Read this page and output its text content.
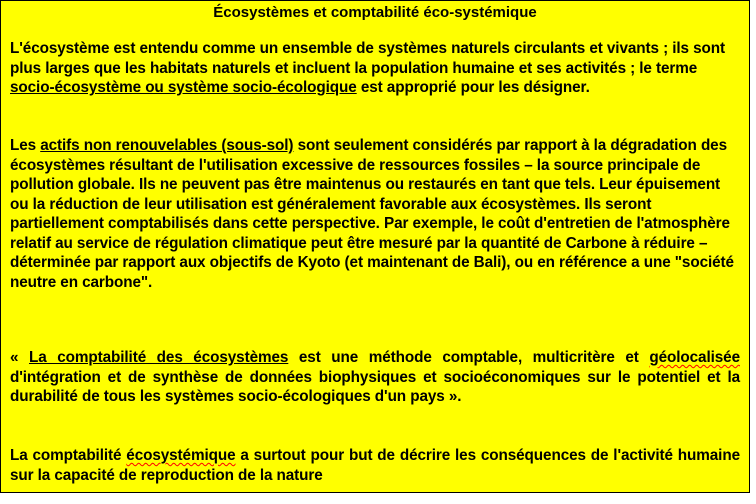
Écosystèmes et comptabilité éco-systémique
L'écosystème est entendu comme un ensemble de systèmes naturels circulants et vivants ; ils sont plus larges que les habitats naturels et incluent la population humaine et ses activités ; le terme socio-écosystème ou système socio-écologique est approprié pour les désigner.
Les actifs non renouvelables (sous-sol) sont seulement considérés par rapport à la dégradation des écosystèmes résultant de l'utilisation excessive de ressources fossiles – la source principale de pollution globale. Ils ne peuvent pas être maintenus ou restaurés en tant que tels. Leur épuisement ou la réduction de leur utilisation est généralement favorable aux écosystèmes. Ils seront partiellement comptabilisés dans cette perspective. Par exemple, le coût d'entretien de l'atmosphère relatif au service de régulation climatique peut être mesuré par la quantité de Carbone à réduire – déterminée par rapport aux objectifs de Kyoto (et maintenant de Bali), ou en référence a une "société neutre en carbone".
« La comptabilité des écosystèmes est une méthode comptable, multicritère et géolocalisée d'intégration et de synthèse de données biophysiques et socioéconomiques sur le potentiel et la durabilité de tous les systèmes socio-écologiques d'un pays ».
La comptabilité écosystémique a surtout pour but de décrire les conséquences de l'activité humaine sur la capacité de reproduction de la nature
